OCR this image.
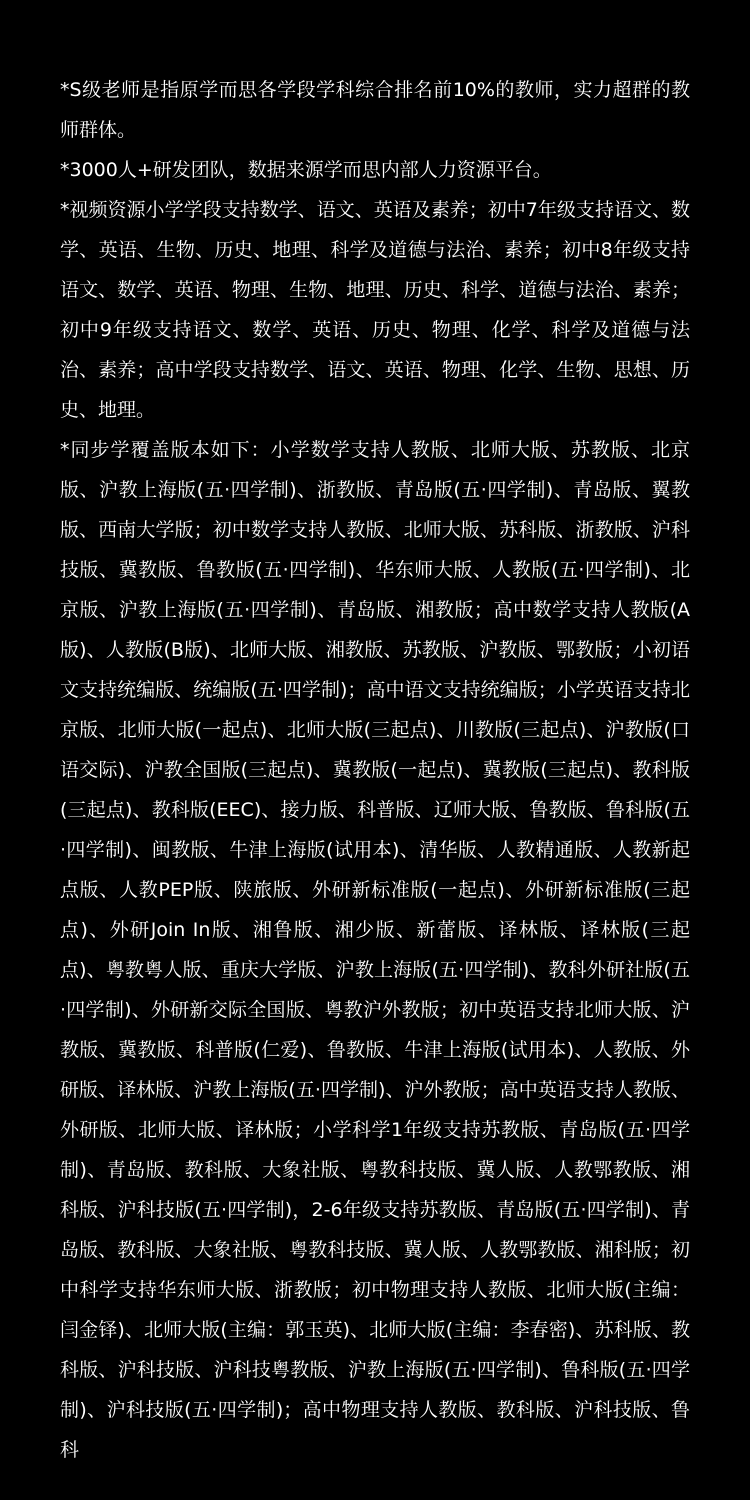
*S级老师是指原学而思各学段学科综合排名前10%的教师，实力超群的教师群体。

*3000人+研发团队，数据来源学而思内部人力资源平台。

*视频资源小学学段支持数学、语文、英语及素养；初中7年级支持语文、数学、英语、生物、历史、地理、科学及道德与法治、素养；初中8年级支持语文、数学、英语、物理、生物、地理、历史、科学、道德与法治、素养；初中9年级支持语文、数学、英语、历史、物理、化学、科学及道德与法治、素养；高中学段支持数学、语文、英语、物理、化学、生物、思想、历史、地理。

*同步学覆盖版本如下：小学数学支持人教版、北师大版、苏教版、北京版、沪教上海版(五·四学制)、浙教版、青岛版(五·四学制)、青岛版、翼教版、西南大学版；初中数学支持人教版、北师大版、苏科版、浙教版、沪科技版、冀教版、鲁教版(五·四学制)、华东师大版、人教版(五·四学制)、北京版、沪教上海版(五·四学制)、青岛版、湘教版；高中数学支持人教版(A版)、人教版(B版)、北师大版、湘教版、苏教版、沪教版、鄂教版；小初语文支持统编版、统编版(五·四学制)；高中语文支持统编版；小学英语支持北京版、北师大版(一起点)、北师大版(三起点)、川教版(三起点)、沪教版(口语交际)、沪教全国版(三起点)、冀教版(一起点)、冀教版(三起点)、教科版(三起点)、教科版(EEC)、接力版、科普版、辽师大版、鲁教版、鲁科版(五·四学制)、闽教版、牛津上海版(试用本)、清华版、人教精通版、人教新起点版、人教PEP版、陕旅版、外研新标准版(一起点)、外研新标准版(三起点)、外研Join In版、湘鲁版、湘少版、新蕾版、译林版、译林版(三起点)、粤教粤人版、重庆大学版、沪教上海版(五·四学制)、教科外研社版(五·四学制)、外研新交际全国版、粤教沪外教版；初中英语支持北师大版、沪教版、冀教版、科普版(仁爱)、鲁教版、牛津上海版(试用本)、人教版、外研版、译林版、沪教上海版(五·四学制)、沪外教版；高中英语支持人教版、外研版、北师大版、译林版；小学科学1年级支持苏教版、青岛版(五·四学制)、青岛版、教科版、大象社版、粤教科技版、冀人版、人教鄂教版、湘科版、沪科技版(五·四学制)，2-6年级支持苏教版、青岛版(五·四学制)、青岛版、教科版、大象社版、粤教科技版、冀人版、人教鄂教版、湘科版；初中科学支持华东师大版、浙教版；初中物理支持人教版、北师大版(主编：闫金铎)、北师大版(主编：郭玉英)、北师大版(主编：李春密)、苏科版、教科版、沪科技版、沪科技粤教版、沪教上海版(五·四学制)、鲁科版(五·四学制)、沪科技版(五·四学制)；高中物理支持人教版、教科版、沪科技版、鲁科
